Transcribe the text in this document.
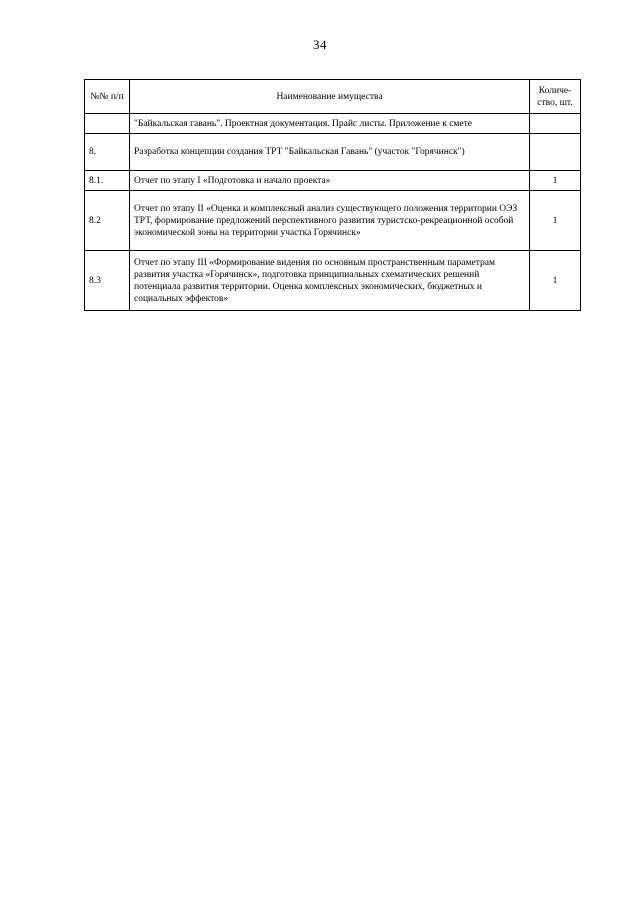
34
№№ п/п	Наименование имущества	Количе-ство, шт.
	"Байкальская гавань". Проектная документация. Прайс листы. Приложение к смете	
8.	Разработка концепции создания ТРТ "Байкальская Гавань" (участок "Горячинск")	
8.1.	Отчет по этапу I «Подготовка и начало проекта»	1
8.2	Отчет по этапу II «Оценка и комплексный анализ существующего положения территории ОЭЗ ТРТ, формирование предложений перспективного развития туристско-рекреационной особой экономической зоны на территории участка Горячинск»	1
8.3	Отчет по этапу III «Формирование видения по основным пространственным параметрам развития участка «Горячинск», подготовка принципиальных схематических решений потенциала развития территории. Оценка комплексных экономических, бюджетных и социальных эффектов»	1
